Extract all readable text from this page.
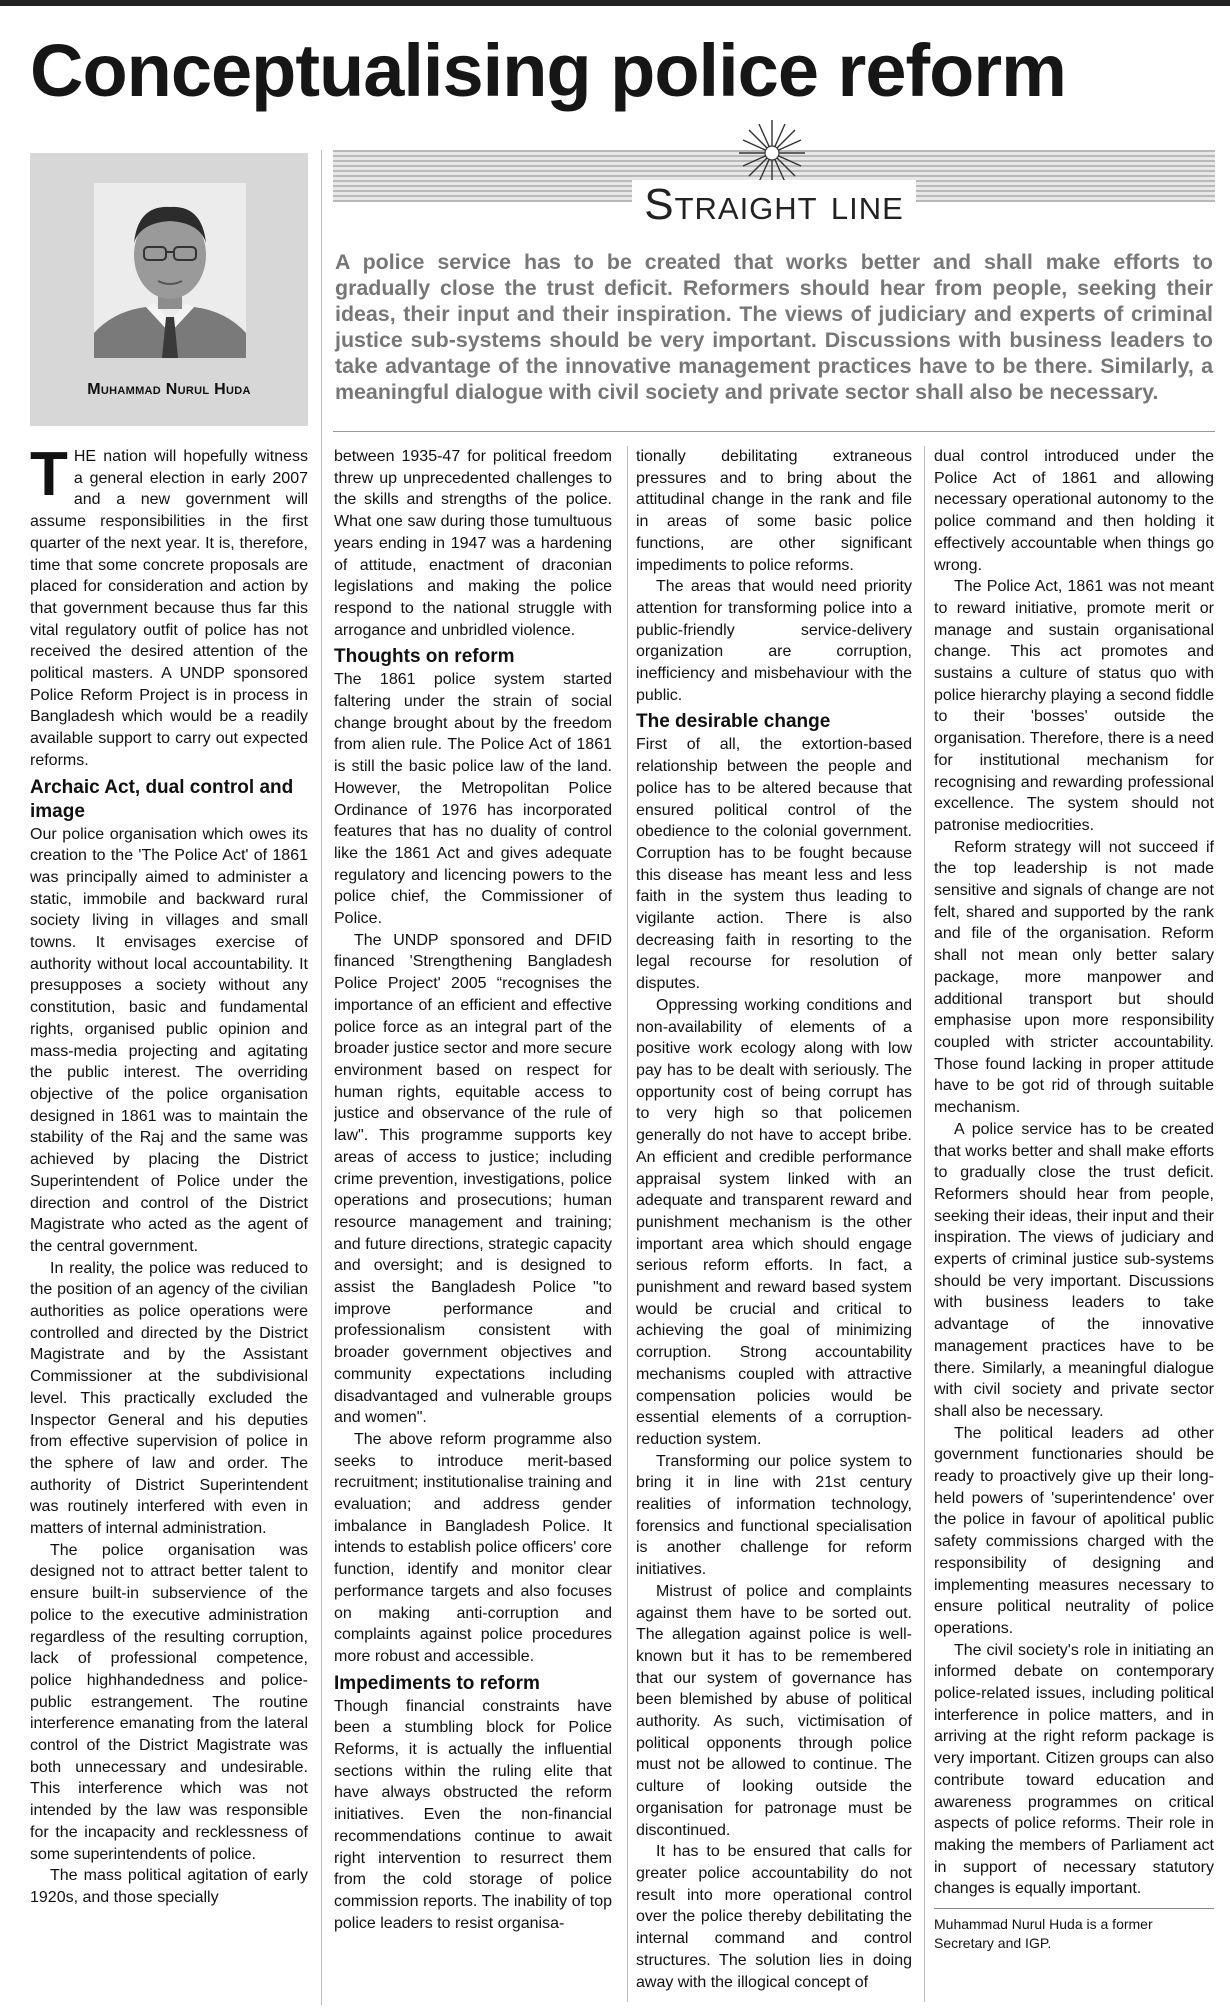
Conceptualising police reform

Muhammad Nurul Huda

Straight line

A police service has to be created that works better and shall make efforts to gradually close the trust deficit. Reformers should hear from people, seeking their ideas, their input and their inspiration. The views of judiciary and experts of criminal justice sub-systems should be very important. Discussions with business leaders to take advantage of the innovative management practices have to be there. Similarly, a meaningful dialogue with civil society and private sector shall also be necessary.

THE nation will hopefully witness a general election in early 2007 and a new government will assume responsibilities in the first quarter of the next year. It is, therefore, time that some concrete proposals are placed for consideration and action by that government because thus far this vital regulatory outfit of police has not received the desired attention of the political masters. A UNDP sponsored Police Reform Project is in process in Bangladesh which would be a readily available support to carry out expected reforms.

Archaic Act, dual control and image

Our police organisation which owes its creation to the 'The Police Act' of 1861 was principally aimed to administer a static, immobile and backward rural society living in villages and small towns. It envisages exercise of authority without local accountability. It presupposes a society without any constitution, basic and fundamental rights, organised public opinion and mass-media projecting and agitating the public interest. The overriding objective of the police organisation designed in 1861 was to maintain the stability of the Raj and the same was achieved by placing the District Superintendent of Police under the direction and control of the District Magistrate who acted as the agent of the central government.

In reality, the police was reduced to the position of an agency of the civilian authorities as police operations were controlled and directed by the District Magistrate and by the Assistant Commissioner at the subdivisional level. This practically excluded the Inspector General and his deputies from effective supervision of police in the sphere of law and order. The authority of District Superintendent was routinely interfered with even in matters of internal administration.

The police organisation was designed not to attract better talent to ensure built-in subservience of the police to the executive administration regardless of the resulting corruption, lack of professional competence, police highhandedness and police-public estrangement. The routine interference emanating from the lateral control of the District Magistrate was both unnecessary and undesirable. This interference which was not intended by the law was responsible for the incapacity and recklessness of some superintendents of police.

The mass political agitation of early 1920s, and those specially

between 1935-47 for political freedom threw up unprecedented challenges to the skills and strengths of the police. What one saw during those tumultuous years ending in 1947 was a hardening of attitude, enactment of draconian legislations and making the police respond to the national struggle with arrogance and unbridled violence.

Thoughts on reform

The 1861 police system started faltering under the strain of social change brought about by the freedom from alien rule. The Police Act of 1861 is still the basic police law of the land. However, the Metropolitan Police Ordinance of 1976 has incorporated features that has no duality of control like the 1861 Act and gives adequate regulatory and licencing powers to the police chief, the Commissioner of Police.

The UNDP sponsored and DFID financed 'Strengthening Bangladesh Police Project' 2005 “recognises the importance of an efficient and effective police force as an integral part of the broader justice sector and more secure environment based on respect for human rights, equitable access to justice and observance of the rule of law". This programme supports key areas of access to justice; including crime prevention, investigations, police operations and prosecutions; human resource management and training; and future directions, strategic capacity and oversight; and is designed to assist the Bangladesh Police "to improve performance and professionalism consistent with broader government objectives and community expectations including disadvantaged and vulnerable groups and women".

The above reform programme also seeks to introduce merit-based recruitment; institutionalise training and evaluation; and address gender imbalance in Bangladesh Police. It intends to establish police officers' core function, identify and monitor clear performance targets and also focuses on making anti-corruption and complaints against police procedures more robust and accessible.

Impediments to reform

Though financial constraints have been a stumbling block for Police Reforms, it is actually the influential sections within the ruling elite that have always obstructed the reform initiatives. Even the non-financial recommendations continue to await right intervention to resurrect them from the cold storage of police commission reports. The inability of top police leaders to resist organisa-

tionally debilitating extraneous pressures and to bring about the attitudinal change in the rank and file in areas of some basic police functions, are other significant impediments to police reforms.

The areas that would need priority attention for transforming police into a public-friendly service-delivery organization are corruption, inefficiency and misbehaviour with the public.

The desirable change

First of all, the extortion-based relationship between the people and police has to be altered because that ensured political control of the obedience to the colonial government. Corruption has to be fought because this disease has meant less and less faith in the system thus leading to vigilante action. There is also decreasing faith in resorting to the legal recourse for resolution of disputes.

Oppressing working conditions and non-availability of elements of a positive work ecology along with low pay has to be dealt with seriously. The opportunity cost of being corrupt has to very high so that policemen generally do not have to accept bribe. An efficient and credible performance appraisal system linked with an adequate and transparent reward and punishment mechanism is the other important area which should engage serious reform efforts. In fact, a punishment and reward based system would be crucial and critical to achieving the goal of minimizing corruption. Strong accountability mechanisms coupled with attractive compensation policies would be essential elements of a corruption-reduction system.

Transforming our police system to bring it in line with 21st century realities of information technology, forensics and functional specialisation is another challenge for reform initiatives.

Mistrust of police and complaints against them have to be sorted out. The allegation against police is well-known but it has to be remembered that our system of governance has been blemished by abuse of political authority. As such, victimisation of political opponents through police must not be allowed to continue. The culture of looking outside the organisation for patronage must be discontinued.

It has to be ensured that calls for greater police accountability do not result into more operational control over the police thereby debilitating the internal command and control structures. The solution lies in doing away with the illogical concept of

dual control introduced under the Police Act of 1861 and allowing necessary operational autonomy to the police command and then holding it effectively accountable when things go wrong.

The Police Act, 1861 was not meant to reward initiative, promote merit or manage and sustain organisational change. This act promotes and sustains a culture of status quo with police hierarchy playing a second fiddle to their 'bosses' outside the organisation. Therefore, there is a need for institutional mechanism for recognising and rewarding professional excellence. The system should not patronise mediocrities.

Reform strategy will not succeed if the top leadership is not made sensitive and signals of change are not felt, shared and supported by the rank and file of the organisation. Reform shall not mean only better salary package, more manpower and additional transport but should emphasise upon more responsibility coupled with stricter accountability. Those found lacking in proper attitude have to be got rid of through suitable mechanism.

A police service has to be created that works better and shall make efforts to gradually close the trust deficit. Reformers should hear from people, seeking their ideas, their input and their inspiration. The views of judiciary and experts of criminal justice sub-systems should be very important. Discussions with business leaders to take advantage of the innovative management practices have to be there. Similarly, a meaningful dialogue with civil society and private sector shall also be necessary.

The political leaders ad other government functionaries should be ready to proactively give up their long-held powers of 'superintendence' over the police in favour of apolitical public safety commissions charged with the responsibility of designing and implementing measures necessary to ensure political neutrality of police operations.

The civil society's role in initiating an informed debate on contemporary police-related issues, including political interference in police matters, and in arriving at the right reform package is very important. Citizen groups can also contribute toward education and awareness programmes on critical aspects of police reforms. Their role in making the members of Parliament act in support of necessary statutory changes is equally important.

Muhammad Nurul Huda is a former Secretary and IGP.
